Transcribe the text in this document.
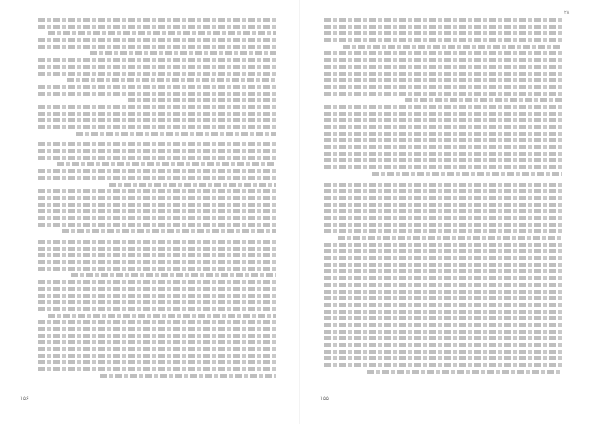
۱۵۶
۲۸
۱۵۵
